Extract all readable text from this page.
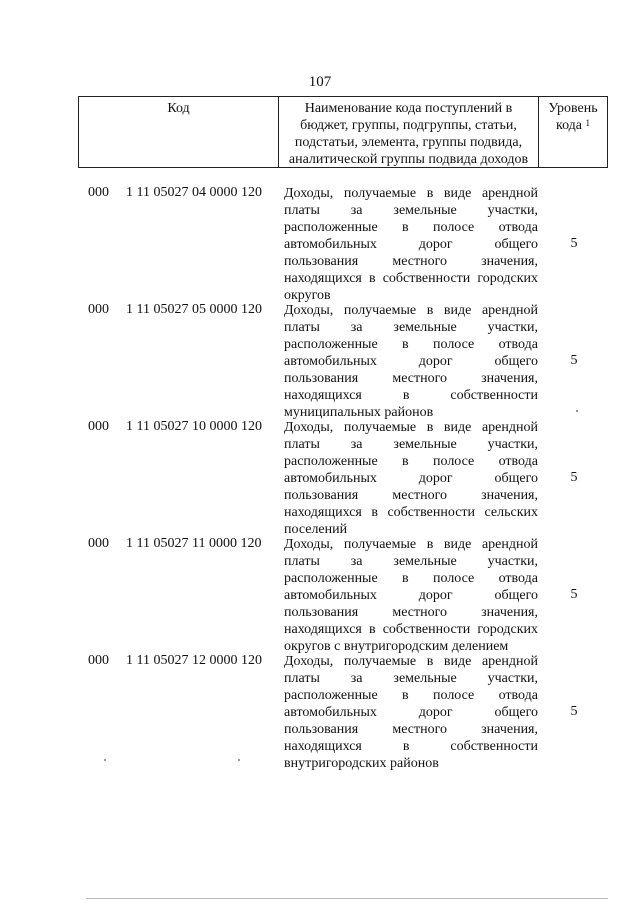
107
Код	Наименование кода поступлений в
бюджет, группы, подгруппы, статьи,
подстатьи, элемента, группы подвида,
аналитической группы подвида доходов
Уровень
кода $^1$
000 1 11 05027 04 0000 120 Доходы, получаемые в виде арендной
платы за земельные участки,
расположенные в полосе отвода
автомобильных дорог общего
пользования местного значения,
находящихся в собственности городских
округов
5
000 1 11 05027 05 0000 120 Доходы, получаемые в виде арендной
платы за земельные участки,
расположенные в полосе отвода
автомобильных дорог общего
пользования местного значения,
находящихся в собственности
муниципальных районов
5
000 1 11 05027 10 0000 120 Доходы, получаемые в виде арендной
платы за земельные участки,
расположенные в полосе отвода
автомобильных дорог общего
пользования местного значения,
находящихся в собственности сельских
поселений
5
000 1 11 05027 11 0000 120 Доходы, получаемые в виде арендной
платы за земельные участки,
расположенные в полосе отвода
автомобильных дорог общего
пользования местного значения,
находящихся в собственности городских
округов с внутригородским делением
5
000 1 11 05027 12 0000 120 Доходы, получаемые в виде арендной
платы за земельные участки,
расположенные в полосе отвода
автомобильных дорог общего
пользования местного значения,
находящихся в собственности
внутригородских районов
5
